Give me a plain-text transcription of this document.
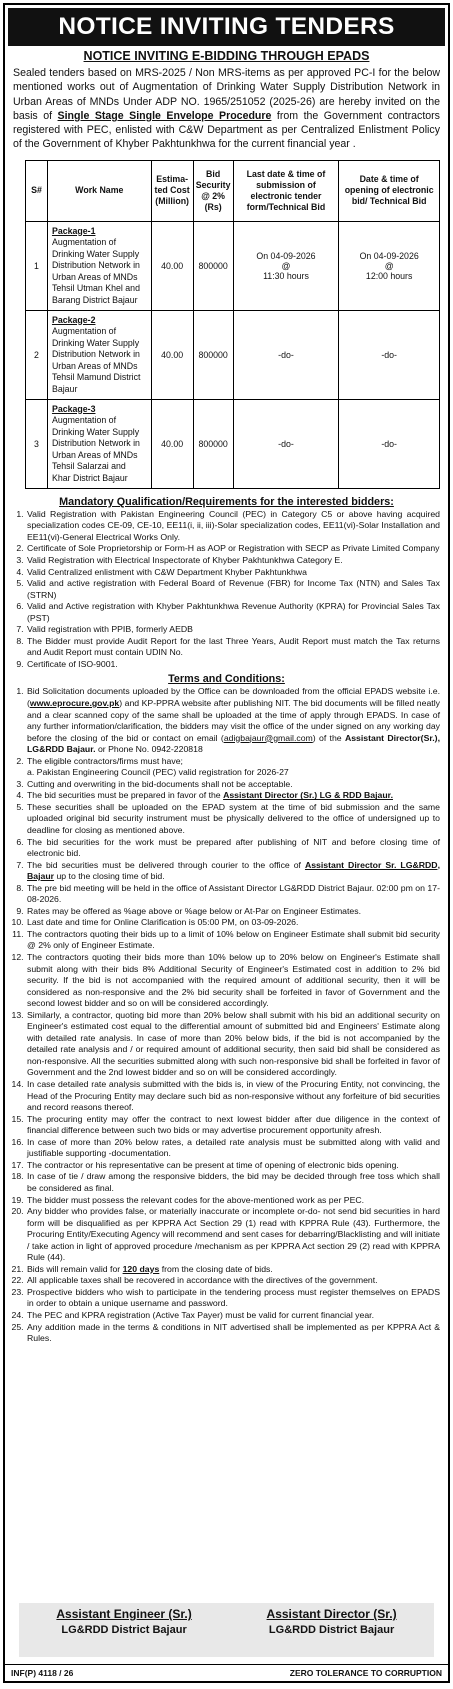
NOTICE INVITING TENDERS
NOTICE INVITING E-BIDDING THROUGH EPADS
Sealed tenders based on MRS-2025 / Non MRS-items as per approved PC-I for the below mentioned works out of Augmentation of Drinking Water Supply Distribution Network in Urban Areas of MNDs Under ADP NO. 1965/251052 (2025-26) are hereby invited on the basis of Single Stage Single Envelope Procedure from the Government contractors registered with PEC, enlisted with C&W Department as per Centralized Enlistment Policy of the Government of Khyber Pakhtunkhwa for the current financial year .
S#	Work Name	Estima-ted Cost (Million)	Bid Security @ 2% (Rs)	Last date & time of submission of electronic tender form/Technical Bid	Date & time of opening of electronic bid/ Technical Bid
1	Package-1
Augmentation of Drinking Water Supply Distribution Network in Urban Areas of MNDs Tehsil Utman Khel and Barang District Bajaur	40.00	800000	On 04-09-2026
@
11:30 hours	On 04-09-2026
@
12:00 hours
2	Package-2
Augmentation of Drinking Water Supply Distribution Network in Urban Areas of MNDs Tehsil Mamund District Bajaur	40.00	800000	-do-	-do-
3	Package-3
Augmentation of Drinking Water Supply Distribution Network in Urban Areas of MNDs Tehsil Salarzai and Khar District Bajaur	40.00	800000	-do-	-do-
Mandatory Qualification/Requirements for the interested bidders:
1. Valid Registration with Pakistan Engineering Council (PEC) in Category C5 or above having acquired specialization codes CE-09, CE-10, EE11(i, ii, iii)-Solar specialization codes, EE11(vi)-Solar Installation and EE11(vi)-General Electrical Works Only.
2. Certificate of Sole Proprietorship or Form-H as AOP or Registration with SECP as Private Limited Company
3. Valid Registration with Electrical Inspectorate of Khyber Pakhtunkhwa Category E.
4. Valid Centralized enlistment with C&W Department Khyber Pakhtunkhwa
5. Valid and active registration with Federal Board of Revenue (FBR) for Income Tax (NTN) and Sales Tax (STRN)
6. Valid and Active registration with Khyber Pakhtunkhwa Revenue Authority (KPRA) for Provincial Sales Tax (PST)
7. Valid registration with PPIB, formerly AEDB
8. The Bidder must provide Audit Report for the last Three Years, Audit Report must match the Tax returns and Audit Report must contain UDIN No.
9. Certificate of ISO-9001.
Terms and Conditions:
1. Bid Solicitation documents uploaded by the Office can be downloaded from the official EPADS website i.e. (www.eprocure.gov.pk) and KP-PPRA website after publishing NIT. The bid documents will be filled neatly and a clear scanned copy of the same shall be uploaded at the time of apply through EPADS. In case of any further information/clarification, the bidders may visit the office of the under signed on any working day before the closing of the bid or contact on email (adigbajaur@gmail.com) of the Assistant Director(Sr.), LG&RDD Bajaur. or Phone No. 0942-220818
2. The eligible contractors/firms must have;
a. Pakistan Engineering Council (PEC) valid registration for 2026-27
3. Cutting and overwriting in the bid-documents shall not be acceptable.
4. The bid securities must be prepared in favor of the Assistant Director (Sr.) LG & RDD Bajaur.
5. These securities shall be uploaded on the EPAD system at the time of bid submission and the same uploaded original bid security instrument must be physically delivered to the office of undersigned up to deadline for closing as mentioned above.
6. The bid securities for the work must be prepared after publishing of NIT and before closing time of electronic bid.
7. The bid securities must be delivered through courier to the office of Assistant Director Sr. LG&RDD, Bajaur up to the closing time of bid.
8. The pre bid meeting will be held in the office of Assistant Director LG&RDD District Bajaur. 02:00 pm on 17-08-2026.
9. Rates may be offered as %age above or %age below or At-Par on Engineer Estimates.
10. Last date and time for Online Clarification is 05:00 PM, on 03-09-2026.
11. The contractors quoting their bids up to a limit of 10% below on Engineer Estimate shall submit bid security @ 2% only of Engineer Estimate.
12. The contractors quoting their bids more than 10% below up to 20% below on Engineer's Estimate shall submit along with their bids 8% Additional Security of Engineer's Estimated cost in addition to 2% bid security. If the bid is not accompanied with the required amount of additional security, then it will be considered as non-responsive and the 2% bid security shall be forfeited in favor of Government and the second lowest bidder and so on will be considered accordingly.
13. Similarly, a contractor, quoting bid more than 20% below shall submit with his bid an additional security on Engineer's estimated cost equal to the differential amount of submitted bid and Engineers' Estimate along with detailed rate analysis. In case of more than 20% below bids, if the bid is not accompanied by the detailed rate analysis and / or required amount of additional security, then said bid shall be considered as non-responsive. All the securities submitted along with such non-responsive bid shall be forfeited in favor of Government and the 2nd lowest bidder and so on will be considered accordingly.
14. In case detailed rate analysis submitted with the bids is, in view of the Procuring Entity, not convincing, the Head of the Procuring Entity may declare such bid as non-responsive without any forfeiture of bid securities and record reasons thereof.
15. The procuring entity may offer the contract to next lowest bidder after due diligence in the context of financial difference between such two bids or may advertise procurement opportunity afresh.
16. In case of more than 20% below rates, a detailed rate analysis must be submitted along with valid and justifiable supporting -documentation.
17. The contractor or his representative can be present at time of opening of electronic bids opening.
18. In case of tie / draw among the responsive bidders, the bid may be decided through free toss which shall be considered as final.
19. The bidder must possess the relevant codes for the above-mentioned work as per PEC.
20. Any bidder who provides false, or materially inaccurate or incomplete or-do- not send bid securities in hard form will be disqualified as per KPPRA Act Section 29 (1) read with KPPRA Rule (43). Furthermore, the Procuring Entity/Executing Agency will recommend and sent cases for debarring/Blacklisting and will initiate / take action in light of approved procedure /mechanism as per KPPRA Act section 29 (2) read with KPPRA Rule (44).
21. Bids will remain valid for 120 days from the closing date of bids.
22. All applicable taxes shall be recovered in accordance with the directives of the government.
23. Prospective bidders who wish to participate in the tendering process must register themselves on EPADS in order to obtain a unique username and password.
24. The PEC and KPRA registration (Active Tax Payer) must be valid for current financial year.
25. Any addition made in the terms & conditions in NIT advertised shall be implemented as per KPPRA Act & Rules.
Assistant Engineer (Sr.)
LG&RDD District Bajaur
Assistant Director (Sr.)
LG&RDD District Bajaur
INF(P) 4118 / 26	ZERO TOLERANCE TO CORRUPTION
